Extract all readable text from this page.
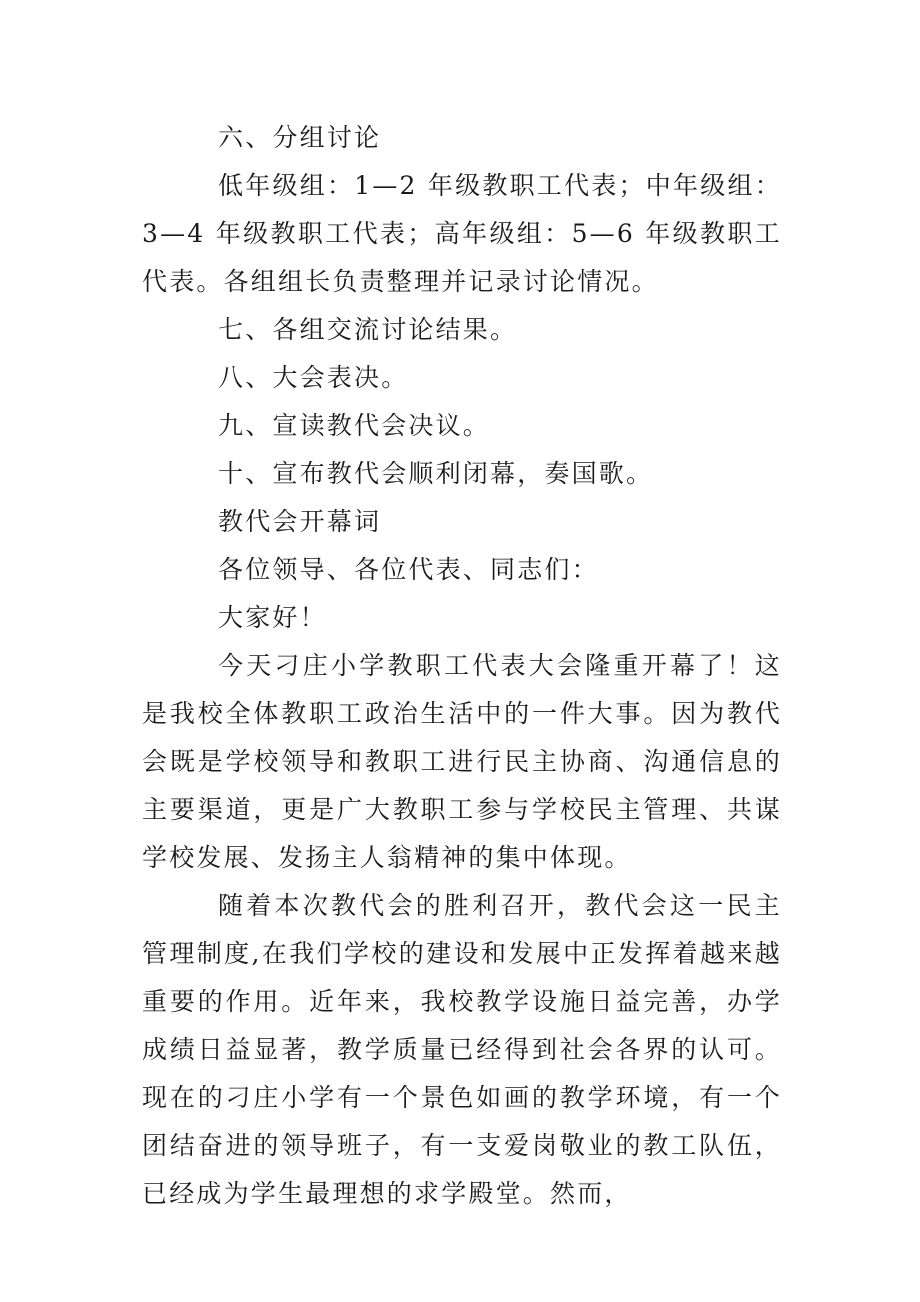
六、分组讨论

低年级组：1—2 年级教职工代表；中年级组：3—4 年级教职工代表；高年级组：5—6 年级教职工代表。各组组长负责整理并记录讨论情况。

七、各组交流讨论结果。

八、大会表决。

九、宣读教代会决议。

十、宣布教代会顺利闭幕，奏国歌。

教代会开幕词

各位领导、各位代表、同志们：

大家好！

今天刁庄小学教职工代表大会隆重开幕了！这是我校全体教职工政治生活中的一件大事。因为教代会既是学校领导和教职工进行民主协商、沟通信息的主要渠道，更是广大教职工参与学校民主管理、共谋学校发展、发扬主人翁精神的集中体现。

随着本次教代会的胜利召开，教代会这一民主管理制度,在我们学校的建设和发展中正发挥着越来越重要的作用。近年来，我校教学设施日益完善，办学成绩日益显著，教学质量已经得到社会各界的认可。现在的刁庄小学有一个景色如画的教学环境，有一个团结奋进的领导班子，有一支爱岗敬业的教工队伍，已经成为学生最理想的求学殿堂。然而，
